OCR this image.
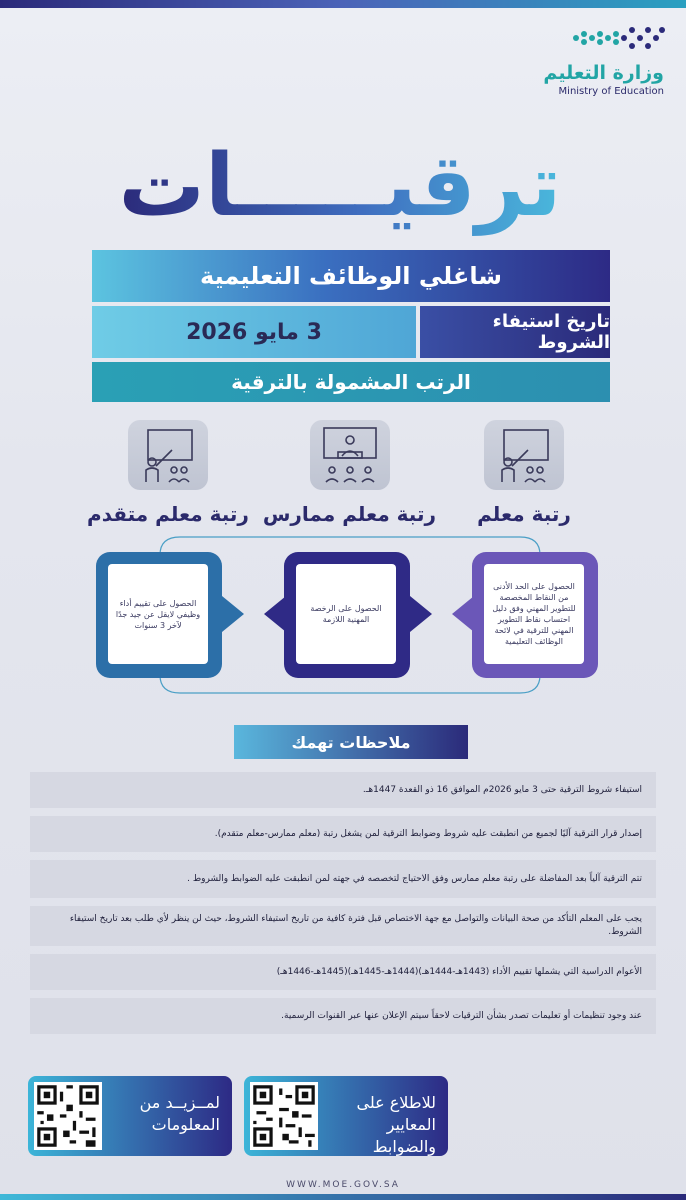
وزارة التعليم
Ministry of Education
ترقيـــــات
شاغلي الوظائف التعليمية
3 مايو 2026	تاريخ استيفاء الشروط
الرتب المشمولة بالترقية
رتبة معلم
رتبة معلم ممارس
رتبة معلم متقدم
الحصول على الحد الأدنى من النقاط المخصصة للتطوير المهني وفق دليل احتساب نقاط التطوير المهني للترقية في لائحة الوظائف التعليمية
الحصول على الرخصة المهنية اللازمة
الحصول على تقييم أداء وظيفي لايقل عن جيد جدًا لآخر 3 سنوات
ملاحظات تهمك
استيفاء شروط الترقية حتى 3 مايو 2026م الموافق 16 ذو القعدة 1447هـ.
إصدار قرار الترقية آليًا لجميع من انطبقت عليه شروط وضوابط الترقية لمن يشغل رتبة (معلم ممارس-معلم متقدم).
تتم الترقية آلياً بعد المفاضلة على رتبة معلم ممارس وفق الاحتياج لتخصصه في جهته لمن انطبقت عليه الضوابط والشروط .
يجب على المعلم التأكد من صحة البيانات والتواصل مع جهة الاختصاص قبل فترة كافية من تاريخ استيفاء الشروط، حيث لن ينظر لأي طلب بعد تاريخ استيفاء الشروط.
الأعوام الدراسية التي يشملها تقييم الأداء (1443هـ-1444هـ)(1444هـ-1445هـ)(1445هـ-1446هـ)
عند وجود تنظيمات أو تعليمات تصدر بشأن الترقيات لاحقاً سيتم الإعلان عنها عبر القنوات الرسمية.
للاطلاع على المعايير والضوابط
لمــزيــد من المعلومات
WWW.MOE.GOV.SA
